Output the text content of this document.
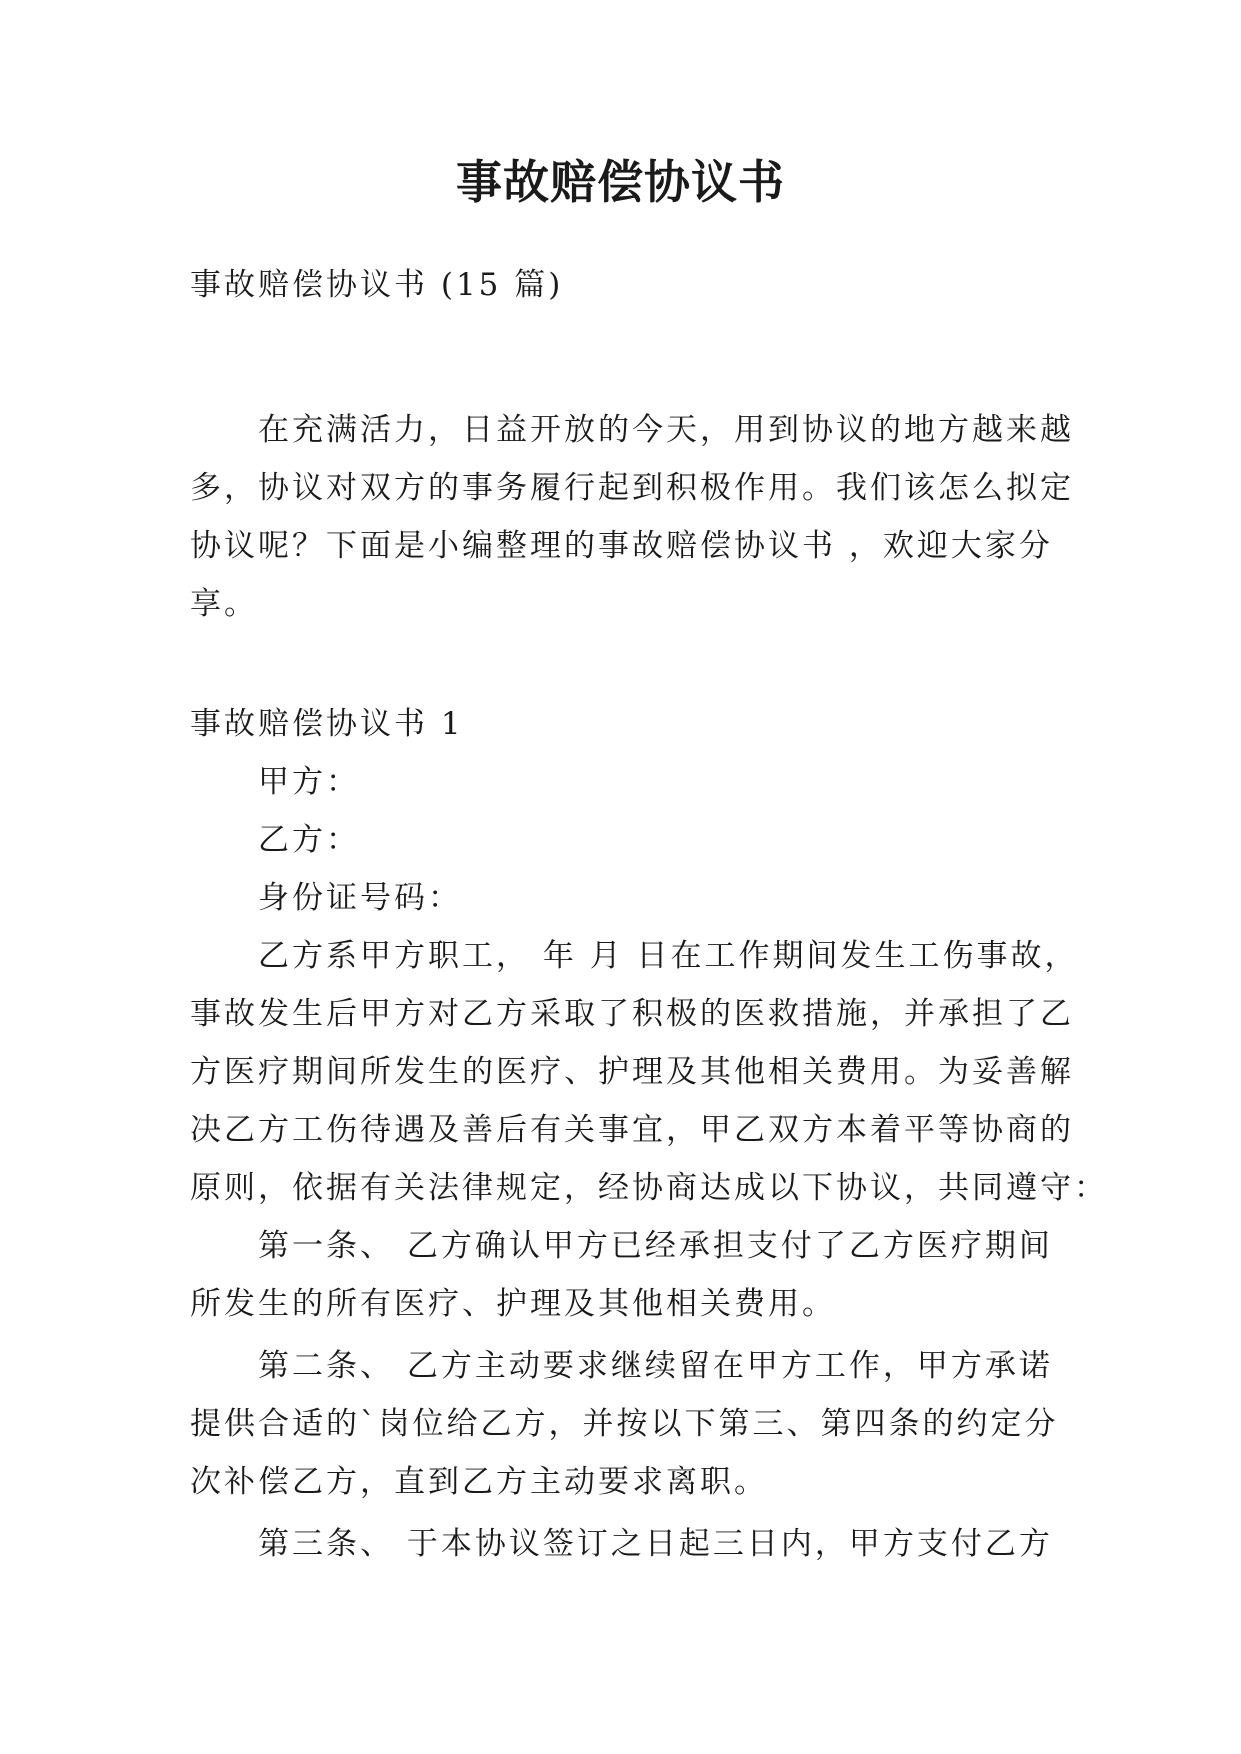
事故赔偿协议书

事故赔偿协议书 (15 篇)

在充满活力，日益开放的今天，用到协议的地方越来越

多，协议对双方的事务履行起到积极作用。我们该怎么拟定

协议呢？下面是小编整理的事故赔偿协议书 ，欢迎大家分

享。

事故赔偿协议书 1

甲方：

乙方：

身份证号码：

乙方系甲方职工， 年 月 日在工作期间发生工伤事故，

事故发生后甲方对乙方采取了积极的医救措施，并承担了乙

方医疗期间所发生的医疗、护理及其他相关费用。为妥善解

决乙方工伤待遇及善后有关事宜，甲乙双方本着平等协商的

原则，依据有关法律规定，经协商达成以下协议，共同遵守：

第一条、 乙方确认甲方已经承担支付了乙方医疗期间

所发生的所有医疗、护理及其他相关费用。

第二条、 乙方主动要求继续留在甲方工作，甲方承诺

提供合适的`岗位给乙方，并按以下第三、第四条的约定分

次补偿乙方，直到乙方主动要求离职。

第三条、 于本协议签订之日起三日内，甲方支付乙方
